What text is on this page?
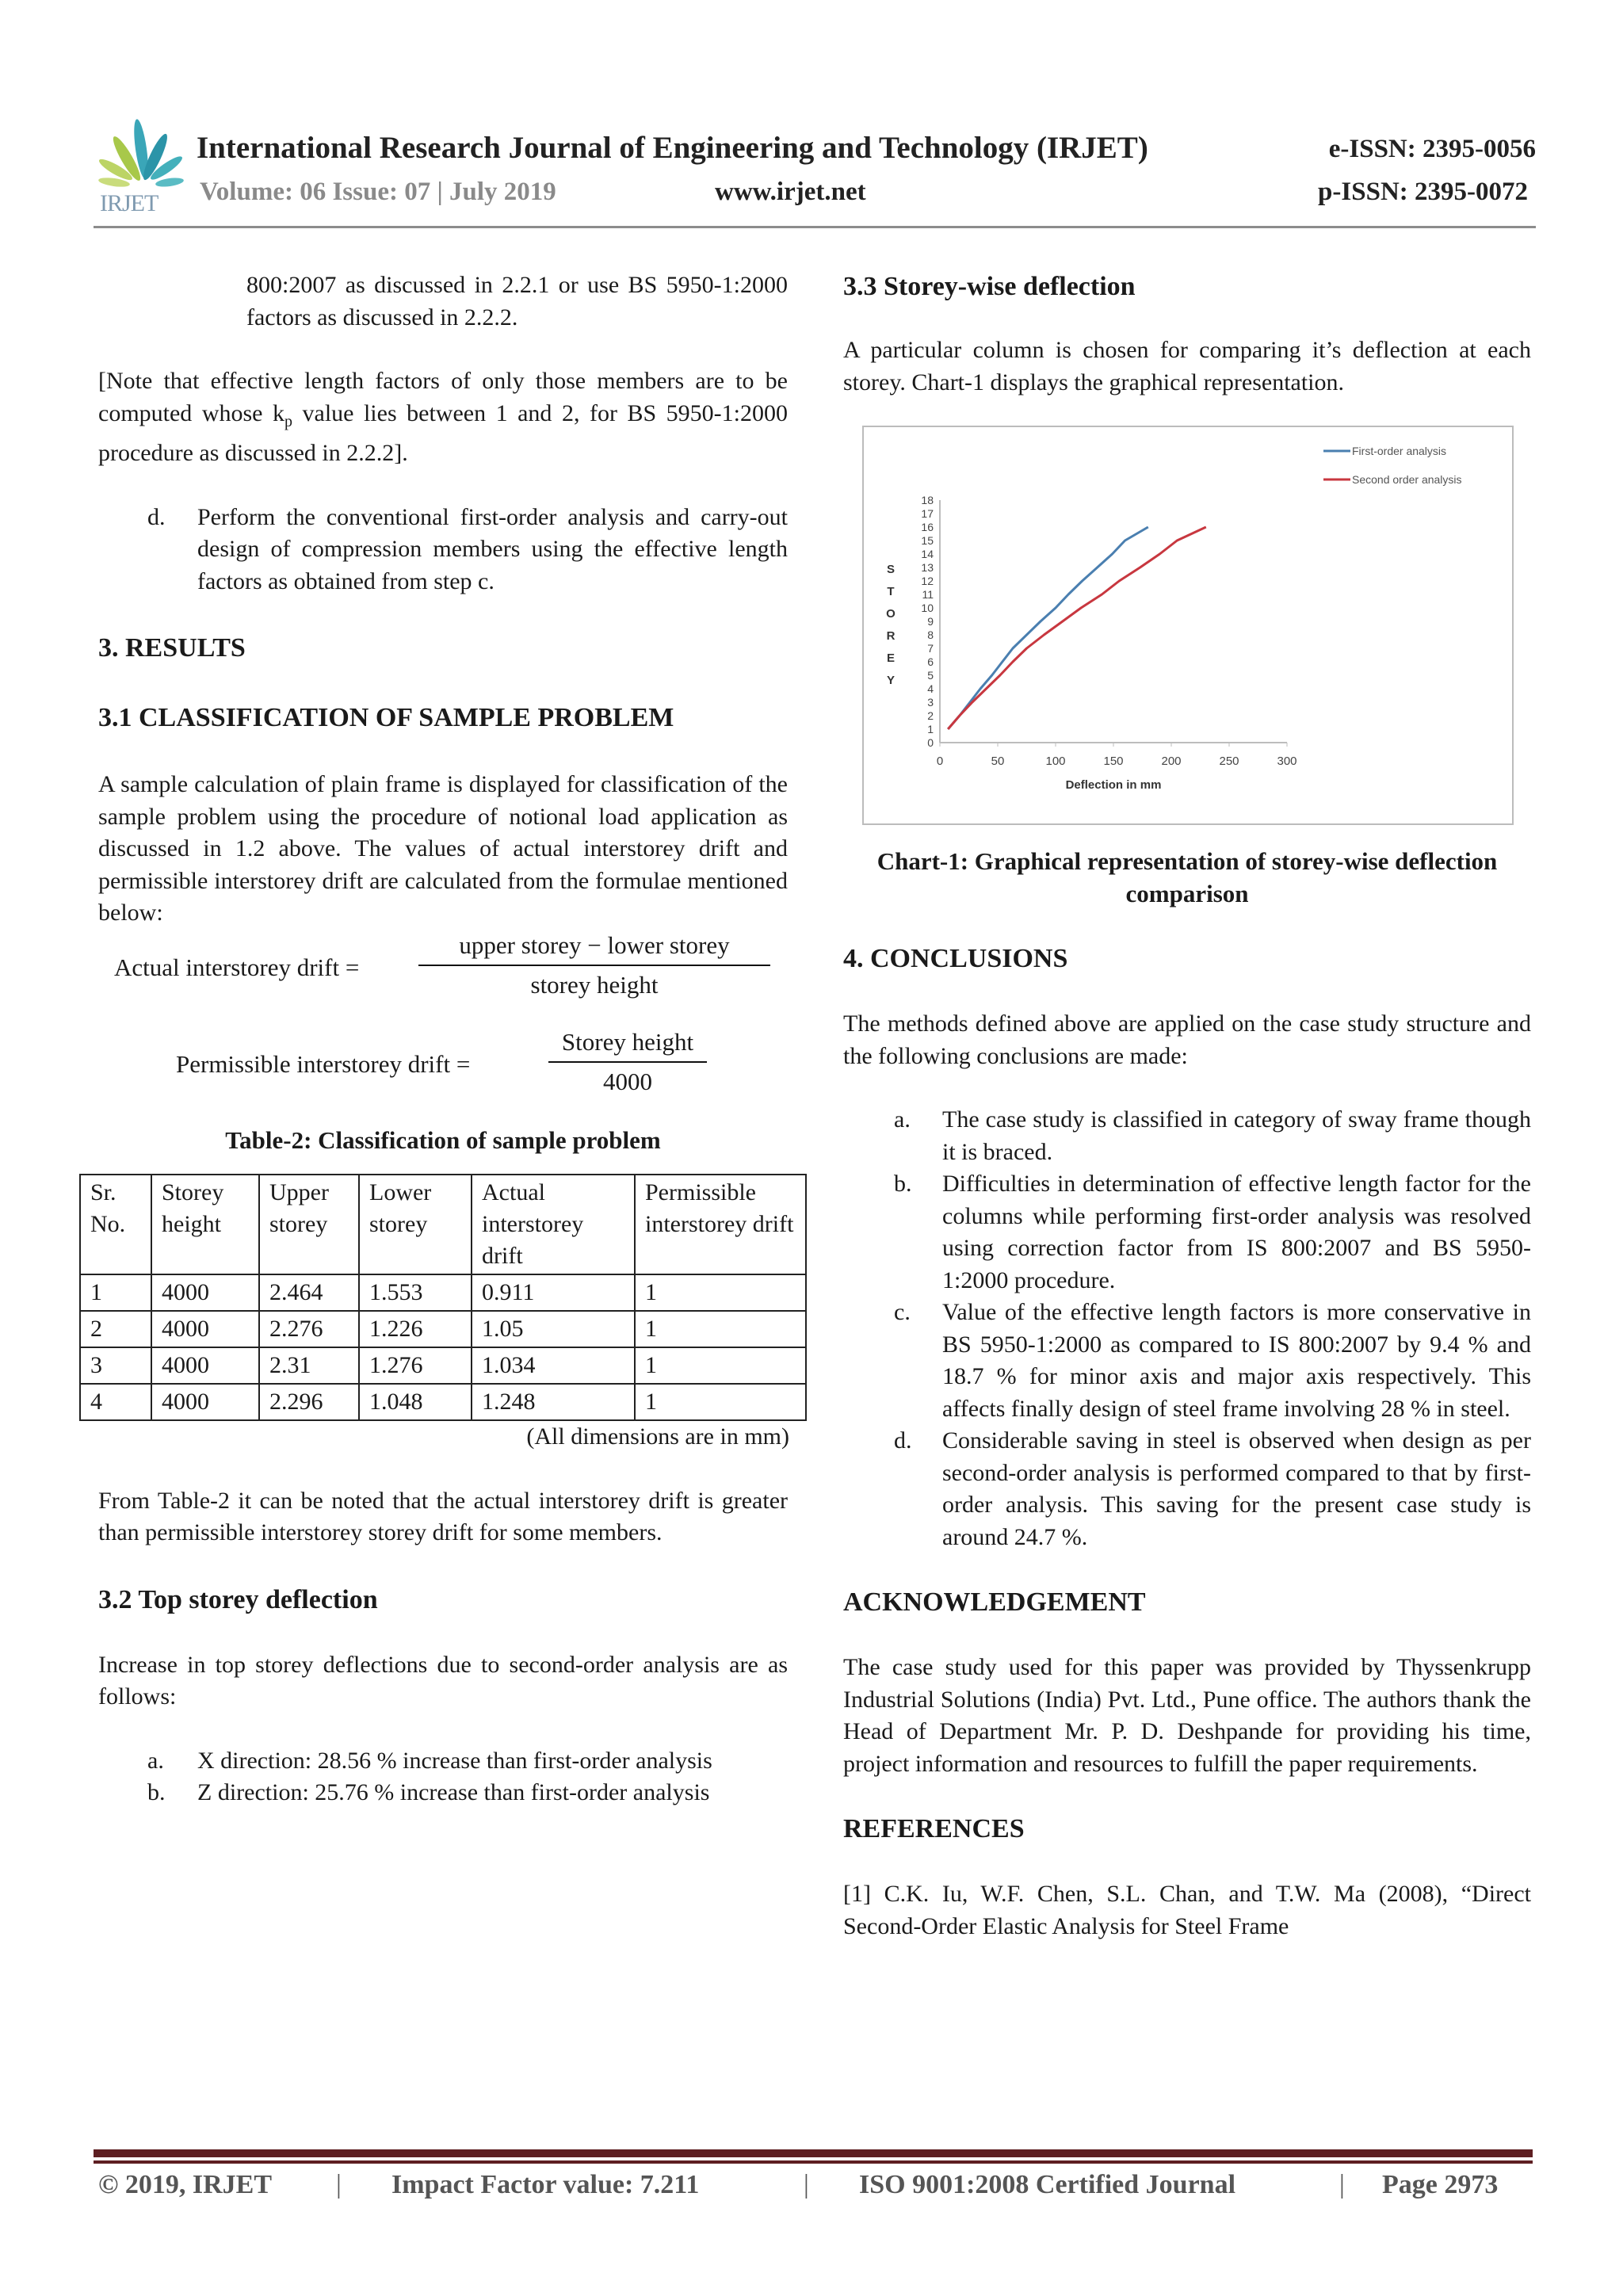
IRJET
International Research Journal of Engineering and Technology (IRJET)	e-ISSN: 2395-0056
Volume: 06 Issue: 07 | July 2019	www.irjet.net	p-ISSN: 2395-0072

800:2007 as discussed in 2.2.1 or use BS 5950-1:2000 factors as discussed in 2.2.2.

[Note that effective length factors of only those members are to be computed whose $k_p$ value lies between 1 and 2, for BS 5950-1:2000 procedure as discussed in 2.2.2].

d. Perform the conventional first-order analysis and carry-out design of compression members using the effective length factors as obtained from step c.
3. RESULTS
3.1 CLASSIFICATION OF SAMPLE PROBLEM

A sample calculation of plain frame is displayed for classification of the sample problem using the procedure of notional load application as discussed in 1.2 above. The values of actual interstorey drift and permissible interstorey drift are calculated from the formulae mentioned below:

Actual interstorey drift =
upper storey − lower storey
storey height
Permissible interstorey drift =
Storey height
4000

Table-2: Classification of sample problem

Sr. No.	Storey height	Upper storey	Lower storey	Actual interstorey drift	Permissible interstorey drift
1	4000	2.464	1.553	0.911	1
2	4000	2.276	1.226	1.05	1
3	4000	2.31	1.276	1.034	1
4	4000	2.296	1.048	1.248	1

(All dimensions are in mm)

From Table-2 it can be noted that the actual interstorey drift is greater than permissible interstorey storey drift for some members.

3.2 Top storey deflection

Increase in top storey deflections due to second-order analysis are as follows:

a. X direction: 28.56 % increase than first-order analysis
b. Z direction: 25.76 % increase than first-order analysis
3.3 Storey-wise deflection

A particular column is chosen for comparing it’s deflection at each storey. Chart-1 displays the graphical representation.

0
1
2
3
4
5
6
7
8
9
10
11
12
13
14
15
16
17
18
0	50	100	150	200	250	300
Deflection in mm
S
T
O
R
E
Y
First-order analysis
Second order analysis

Chart-1: Graphical representation of storey-wise deflection comparison

4. CONCLUSIONS

The methods defined above are applied on the case study structure and the following conclusions are made:

a. The case study is classified in category of sway frame though it is braced.
b. Difficulties in determination of effective length factor for the columns while performing first-order analysis was resolved using correction factor from IS 800:2007 and BS 5950-1:2000 procedure.
c. Value of the effective length factors is more conservative in BS 5950-1:2000 as compared to IS 800:2007 by 9.4 % and 18.7 % for minor axis and major axis respectively. This affects finally design of steel frame involving 28 % in steel.
d. Considerable saving in steel is observed when design as per second-order analysis is performed compared to that by first-order analysis. This saving for the present case study is around 24.7 %.
ACKNOWLEDGEMENT

The case study used for this paper was provided by Thyssenkrupp Industrial Solutions (India) Pvt. Ltd., Pune office. The authors thank the Head of Department Mr. P. D. Deshpande for providing his time, project information and resources to fulfill the paper requirements.

REFERENCES

[1] C.K. Iu, W.F. Chen, S.L. Chan, and T.W. Ma (2008), “Direct Second-Order Elastic Analysis for Steel Frame

© 2019, IRJET | Impact Factor value: 7.211	| ISO 9001:2008 Certified Journal	| Page 2973
